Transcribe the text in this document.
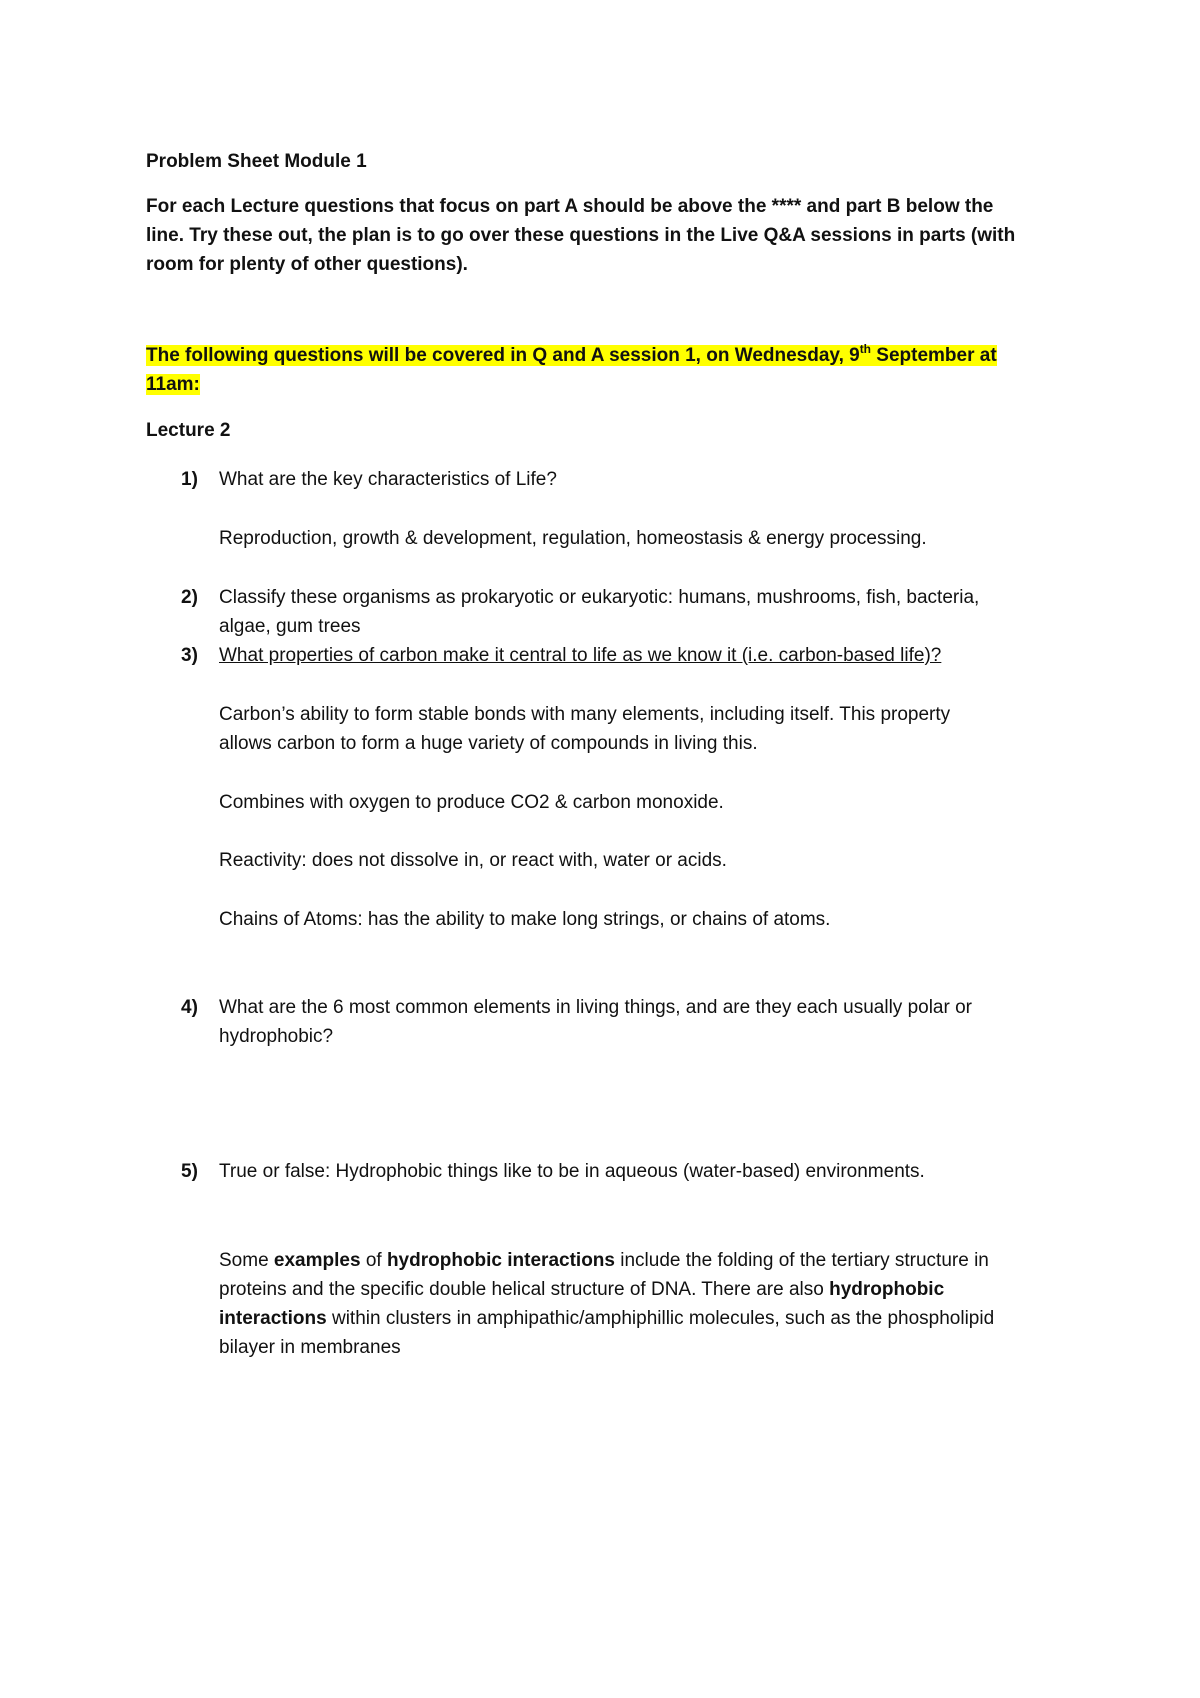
Problem Sheet Module 1
For each Lecture questions that focus on part A should be above the **** and part B below the
line. Try these out, the plan is to go over these questions in the Live Q&A sessions in parts (with
room for plenty of other questions).
The following questions will be covered in Q and A session 1, on Wednesday, 9th September at
11am:
Lecture 2
1) What are the key characteristics of Life?
Reproduction, growth & development, regulation, homeostasis & energy processing.
2) Classify these organisms as prokaryotic or eukaryotic: humans, mushrooms, fish, bacteria,
algae, gum trees
3) What properties of carbon make it central to life as we know it (i.e. carbon-based life)?
Carbon’s ability to form stable bonds with many elements, including itself. This property
allows carbon to form a huge variety of compounds in living this.
Combines with oxygen to produce CO2 & carbon monoxide.
Reactivity: does not dissolve in, or react with, water or acids.
Chains of Atoms: has the ability to make long strings, or chains of atoms.
4) What are the 6 most common elements in living things, and are they each usually polar or
hydrophobic?
5) True or false: Hydrophobic things like to be in aqueous (water-based) environments.
Some examples of hydrophobic interactions include the folding of the tertiary structure in
proteins and the specific double helical structure of DNA. There are also hydrophobic
interactions within clusters in amphipathic/amphiphillic molecules, such as the phospholipid
bilayer in membranes
